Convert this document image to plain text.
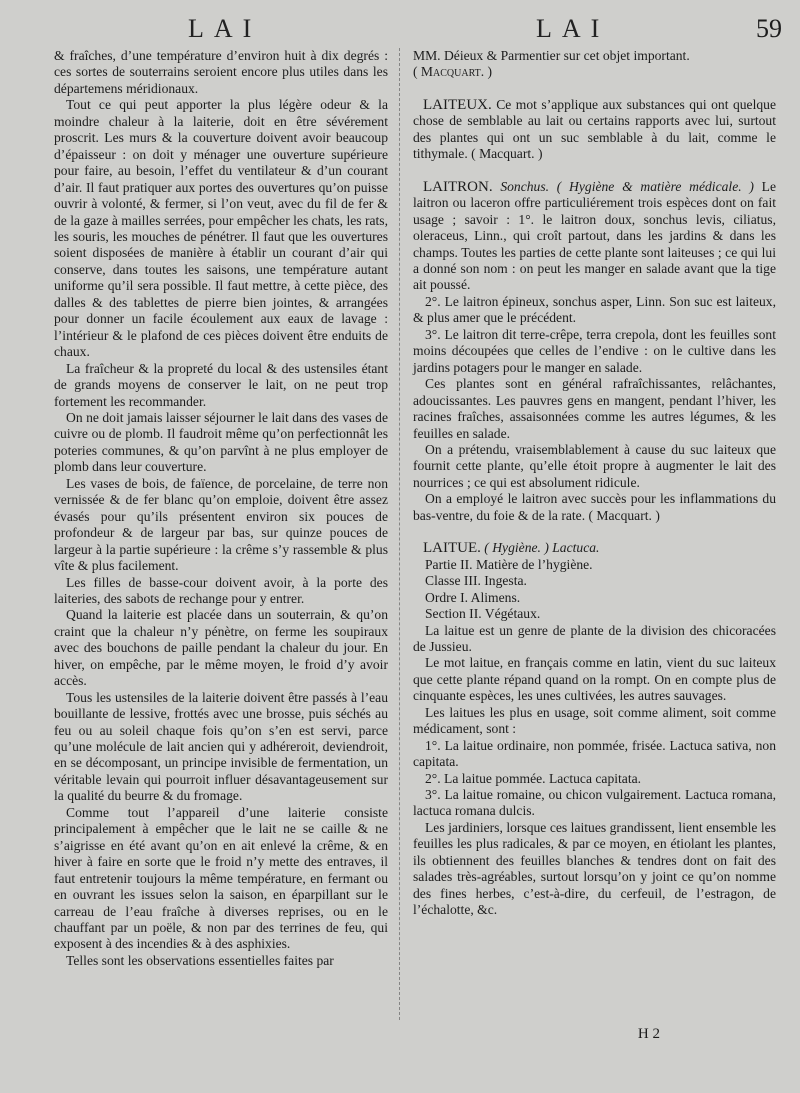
LAI	LAI	59

& fraîches, d’une température d’environ huit à dix degrés : ces sortes de souterrains seroient encore plus utiles dans les départemens méridionaux.

Tout ce qui peut apporter la plus légère odeur & la moindre chaleur à la laiterie, doit en être sévérement proscrit. Les murs & la couverture doivent avoir beaucoup d’épaisseur : on doit y ménager une ouverture supérieure pour faire, au besoin, l’effet du ventilateur & d’un courant d’air. Il faut pratiquer aux portes des ouvertures qu’on puisse ouvrir à volonté, & fermer, si l’on veut, avec du fil de fer & de la gaze à mailles serrées, pour empêcher les chats, les rats, les souris, les mouches de pénétrer. Il faut que les ouvertures soient disposées de manière à établir un courant d’air qui conserve, dans toutes les saisons, une température autant uniforme qu’il sera possible. Il faut mettre, à cette pièce, des dalles & des tablettes de pierre bien jointes, & arrangées pour donner un facile écoulement aux eaux de lavage : l’intérieur & le plafond de ces pièces doivent être enduits de chaux.

La fraîcheur & la propreté du local & des ustensiles étant de grands moyens de conserver le lait, on ne peut trop fortement les recommander.

On ne doit jamais laisser séjourner le lait dans des vases de cuivre ou de plomb. Il faudroit même qu’on perfectionnât les poteries communes, & qu’on parvînt à ne plus employer de plomb dans leur couverture.

Les vases de bois, de faïence, de porcelaine, de terre non vernissée & de fer blanc qu’on emploie, doivent être assez évasés pour qu’ils présentent environ six pouces de profondeur & de largeur par bas, sur quinze pouces de largeur à la partie supérieure : la crême s’y rassemble & plus vîte & plus facilement.

Les filles de basse-cour doivent avoir, à la porte des laiteries, des sabots de rechange pour y entrer.

Quand la laiterie est placée dans un souterrain, & qu’on craint que la chaleur n’y pénètre, on ferme les soupiraux avec des bouchons de paille pendant la chaleur du jour. En hiver, on empêche, par le même moyen, le froid d’y avoir accès.

Tous les ustensiles de la laiterie doivent être passés à l’eau bouillante de lessive, frottés avec une brosse, puis séchés au feu ou au soleil chaque fois qu’on s’en est servi, parce qu’une molécule de lait ancien qui y adhéreroit, deviendroit, en se décomposant, un principe invisible de fermentation, un véritable levain qui pourroit influer désavantageusement sur la qualité du beurre & du fromage.

Comme tout l’appareil d’une laiterie consiste principalement à empêcher que le lait ne se caille & ne s’aigrisse en été avant qu’on en ait enlevé la crême, & en hiver à faire en sorte que le froid n’y mette des entraves, il faut entretenir toujours la même température, en fermant ou en ouvrant les issues selon la saison, en éparpillant sur le carreau de l’eau fraîche à diverses reprises, ou en le chauffant par un poële, & non par des terrines de feu, qui exposent à des incendies & à des asphixies.

Telles sont les observations essentielles faites par

MM. Déieux & Parmentier sur cet objet important.

( Macquart. )

LAITEUX. Ce mot s’applique aux substances qui ont quelque chose de semblable au lait ou certains rapports avec lui, surtout des plantes qui ont un suc semblable à du lait, comme le tithymale. ( Macquart. )

LAITRON. Sonchus. ( Hygiène & matière médicale. ) Le laitron ou laceron offre particuliérement trois espèces dont on fait usage ; savoir : 1°. le laitron doux, sonchus levis, ciliatus, oleraceus, Linn., qui croît partout, dans les jardins & dans les champs. Toutes les parties de cette plante sont laiteuses ; ce qui lui a donné son nom : on peut les manger en salade avant que la tige ait poussé.

2°. Le laitron épineux, sonchus asper, Linn. Son suc est laiteux, & plus amer que le précédent.

3°. Le laitron dit terre-crêpe, terra crepola, dont les feuilles sont moins découpées que celles de l’endive : on le cultive dans les jardins potagers pour le manger en salade.

Ces plantes sont en général rafraîchissantes, relâchantes, adoucissantes. Les pauvres gens en mangent, pendant l’hiver, les racines fraîches, assaisonnées comme les autres légumes, & les feuilles en salade.

On a prétendu, vraisemblablement à cause du suc laiteux que fournit cette plante, qu’elle étoit propre à augmenter le lait des nourrices ; ce qui est absolument ridicule.

On a employé le laitron avec succès pour les inflammations du bas-ventre, du foie & de la rate. ( Macquart. )

LAITUE. ( Hygiène. ) Lactuca.

Partie II. Matière de l’hygiène.
Classe III. Ingesta.
Ordre I. Alimens.
Section II. Végétaux.

La laitue est un genre de plante de la division des chicoracées de Jussieu.

Le mot laitue, en français comme en latin, vient du suc laiteux que cette plante répand quand on la rompt. On en compte plus de cinquante espèces, les unes cultivées, les autres sauvages.

Les laitues les plus en usage, soit comme aliment, soit comme médicament, sont :

1°. La laitue ordinaire, non pommée, frisée. Lactuca sativa, non capitata.

2°. La laitue pommée. Lactuca capitata.

3°. La laitue romaine, ou chicon vulgairement. Lactuca romana, lactuca romana dulcis.

Les jardiniers, lorsque ces laitues grandissent, lient ensemble les feuilles les plus radicales, & par ce moyen, en étiolant les plantes, ils obtiennent des feuilles blanches & tendres dont on fait des salades très-agréables, surtout lorsqu’on y joint ce qu’on nomme des fines herbes, c’est-à-dire, du cerfeuil, de l’estragon, de l’échalotte, &c.

H 2
